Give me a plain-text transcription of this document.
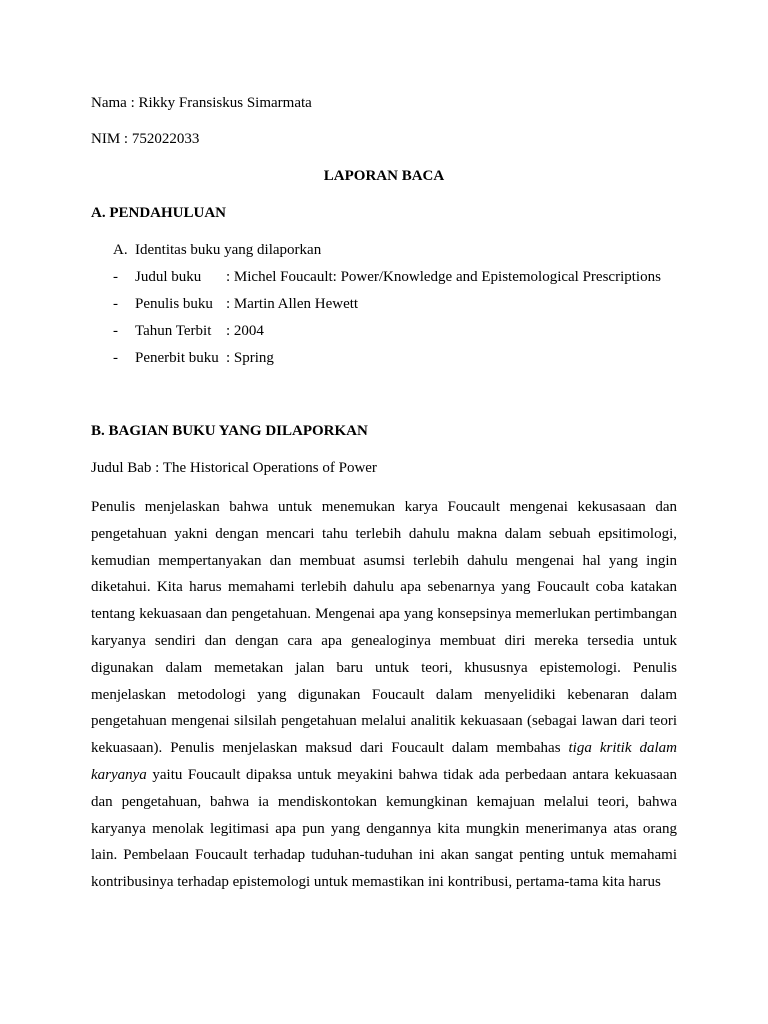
Nama : Rikky Fransiskus Simarmata
NIM : 752022033
LAPORAN BACA
A. PENDAHULUAN
A. Identitas buku yang dilaporkan
- Judul buku : Michel Foucault: Power/Knowledge and Epistemological Prescriptions
- Penulis buku : Martin Allen Hewett
- Tahun Terbit : 2004
- Penerbit buku : Spring
B. BAGIAN BUKU YANG DILAPORKAN
Judul Bab : The Historical Operations of Power
Penulis menjelaskan bahwa untuk menemukan karya Foucault mengenai kekusasaan dan pengetahuan yakni dengan mencari tahu terlebih dahulu makna dalam sebuah epsitimologi, kemudian mempertanyakan dan membuat asumsi terlebih dahulu mengenai hal yang ingin diketahui. Kita harus memahami terlebih dahulu apa sebenarnya yang Foucault coba katakan tentang kekuasaan dan pengetahuan. Mengenai apa yang konsepsinya memerlukan pertimbangan karyanya sendiri dan dengan cara apa genealoginya membuat diri mereka tersedia untuk digunakan dalam memetakan jalan baru untuk teori, khususnya epistemologi. Penulis menjelaskan metodologi yang digunakan Foucault dalam menyelidiki kebenaran dalam pengetahuan mengenai silsilah pengetahuan melalui analitik kekuasaan (sebagai lawan dari teori kekuasaan). Penulis menjelaskan maksud dari Foucault dalam membahas tiga kritik dalam karyanya yaitu Foucault dipaksa untuk meyakini bahwa tidak ada perbedaan antara kekuasaan dan pengetahuan, bahwa ia mendiskontokan kemungkinan kemajuan melalui teori, bahwa karyanya menolak legitimasi apa pun yang dengannya kita mungkin menerimanya atas orang lain. Pembelaan Foucault terhadap tuduhan-tuduhan ini akan sangat penting untuk memahami kontribusinya terhadap epistemologi untuk memastikan ini kontribusi, pertama-tama kita harus
